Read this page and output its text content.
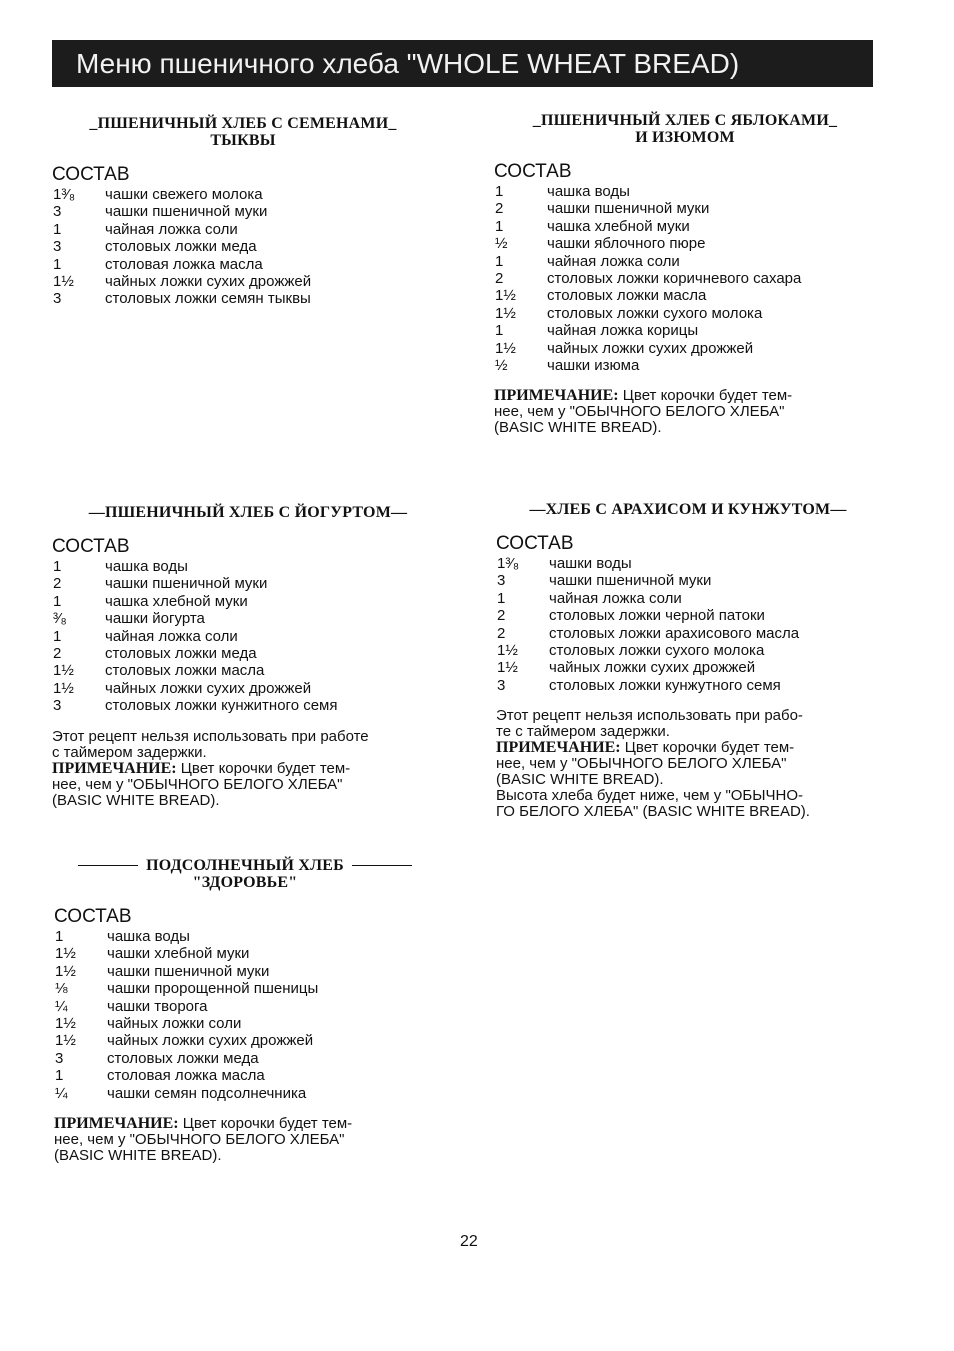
Меню пшеничного хлеба "WHOLE WHEAT BREAD)
_ПШЕНИЧНЫЙ ХЛЕБ С СЕМЕНАМИ_
ТЫКВЫ
СОСТАВ
1³⁄₈	чашки свежего молока
3	чашки пшеничной муки
1	чайная ложка соли
3	столовых ложки меда
1	столовая ложка масла
1½	чайных ложки сухих дрожжей
3	столовых ложки семян тыквы
_ПШЕНИЧНЫЙ ХЛЕБ С ЯБЛОКАМИ_
И ИЗЮМОМ
СОСТАВ
1	чашка воды
2	чашки пшеничной муки
1	чашка хлебной муки
½	чашки яблочного пюре
1	чайная ложка соли
2	столовых ложки коричневого сахара
1½	столовых ложки масла
1½	столовых ложки сухого молока
1	чайная ложка корицы
1½	чайных ложки сухих дрожжей
½	чашки изюма
ПРИМЕЧАНИЕ: Цвет корочки будет тем-
нее, чем у "ОБЫЧНОГО БЕЛОГО ХЛЕБА"
(BASIC WHITE BREAD).
—ПШЕНИЧНЫЙ ХЛЕБ С ЙОГУРТОМ—
СОСТАВ
1	чашка воды
2	чашки пшеничной муки
1	чашка хлебной муки
³⁄₈	чашки йогурта
1	чайная ложка соли
2	столовых ложки меда
1½	столовых ложки масла
1½	чайных ложки сухих дрожжей
3	столовых ложки кунжитного семя
Этот рецепт нельзя использовать при работе
с таймером задержки.
ПРИМЕЧАНИЕ: Цвет корочки будет тем-
нее, чем у "ОБЫЧНОГО БЕЛОГО ХЛЕБА"
(BASIC WHITE BREAD).
—ХЛЕБ С АРАХИСОМ И КУНЖУТОМ—
СОСТАВ
1³⁄₈	чашки воды
3	чашки пшеничной муки
1	чайная ложка соли
2	столовых ложки черной патоки
2	столовых ложки арахисового масла
1½	столовых ложки сухого молока
1½	чайных ложки сухих дрожжей
3	столовых ложки кунжутного семя
Этот рецепт нельзя использовать при рабо-
те с таймером задержки.
ПРИМЕЧАНИЕ: Цвет корочки будет тем-
нее, чем у "ОБЫЧНОГО БЕЛОГО ХЛЕБА"
(BASIC WHITE BREAD).
Высота хлеба будет ниже, чем у "ОБЫЧНО-
ГО БЕЛОГО ХЛЕБА" (BASIC WHITE BREAD).
ПОДСОЛНЕЧНЫЙ ХЛЕБ
"ЗДОРОВЬЕ"
СОСТАВ
1	чашка воды
1½	чашки хлебной муки
1½	чашки пшеничной муки
⅛	чашки пророщенной пшеницы
¼	чашки творога
1½	чайных ложки соли
1½	чайных ложки сухих дрожжей
3	столовых ложки меда
1	столовая ложка масла
¼	чашки семян подсолнечника
ПРИМЕЧАНИЕ: Цвет корочки будет тем-
нее, чем у "ОБЫЧНОГО БЕЛОГО ХЛЕБА"
(BASIC WHITE BREAD).
22
